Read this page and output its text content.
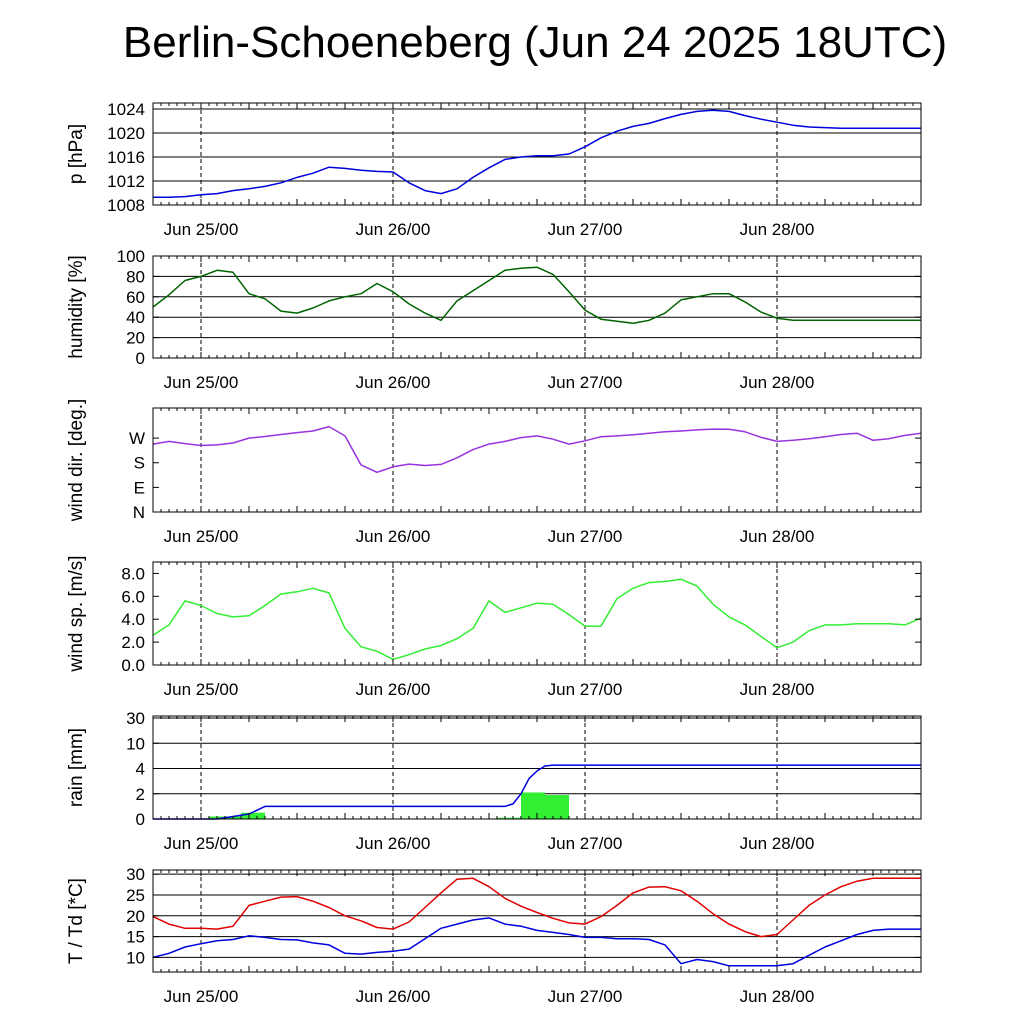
Berlin-Schoeneberg (Jun 24 2025 18UTC)
1008
1012
1016
1020
1024
Jun 25/00	Jun 26/00	Jun 27/00	Jun 28/00
p [hPa]
0
20
40
60
80
100
Jun 25/00	Jun 26/00	Jun 27/00	Jun 28/00
humidity [%]
N
E
S
W
Jun 25/00	Jun 26/00	Jun 27/00	Jun 28/00
wind dir. [deg.]
0.0
2.0
4.0
6.0
8.0
Jun 25/00	Jun 26/00	Jun 27/00	Jun 28/00
wind sp. [m/s]
0
2
4
10
30
Jun 25/00	Jun 26/00	Jun 27/00	Jun 28/00
rain [mm]
10
15
20
25
30
Jun 25/00	Jun 26/00	Jun 27/00	Jun 28/00
T / Td [*C]
